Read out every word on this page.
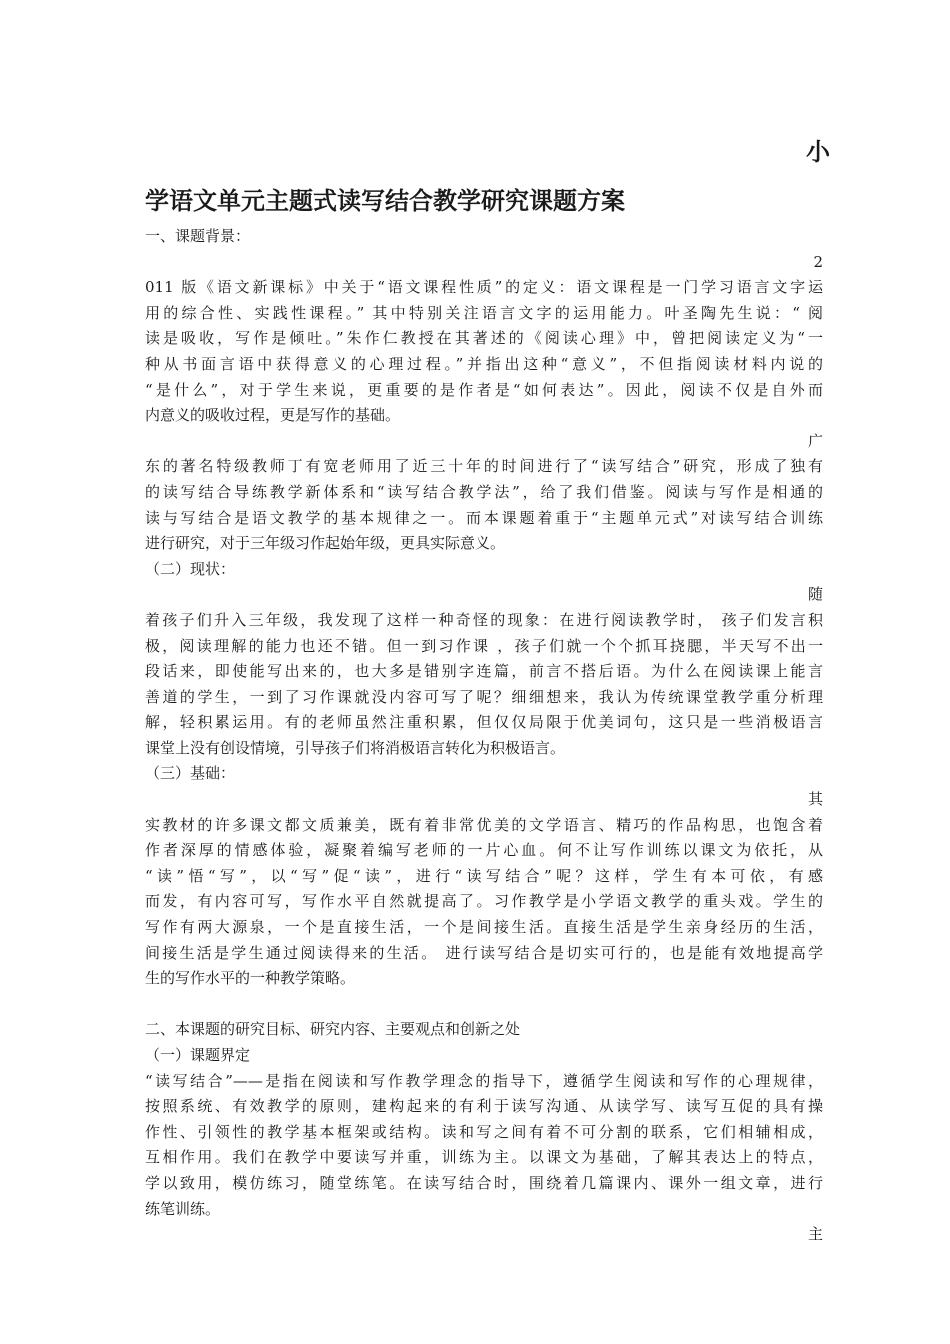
小
学语文单元主题式读写结合教学研究课题方案
一、课题背景：
2
011 版《语文新课标》中关于“语文课程性质”的定义：语文课程是一门学习语言文字运
用的综合性、实践性课程。” 其中特别关注语言文字的运用能力。叶圣陶先生说：“ 阅
读是吸收，写作是倾吐。”朱作仁教授在其著述的《阅读心理》中，曾把阅读定义为“一
种从书面言语中获得意义的心理过程。”并指出这种“意义”，不但指阅读材料内说的
“是什么”，对于学生来说，更重要的是作者是“如何表达”。因此，阅读不仅是自外而
内意义的吸收过程，更是写作的基础。
广
东的著名特级教师丁有宽老师用了近三十年的时间进行了“读写结合”研究，形成了独有
的读写结合导练教学新体系和“读写结合教学法”，给了我们借鉴。阅读与写作是相通的
读与写结合是语文教学的基本规律之一。而本课题着重于“主题单元式”对读写结合训练
进行研究，对于三年级习作起始年级，更具实际意义。
（二）现状：
随
着孩子们升入三年级，我发现了这样一种奇怪的现象：在进行阅读教学时， 孩子们发言积
极，阅读理解的能力也还不错。但一到习作课 ，孩子们就一个个抓耳挠腮，半天写不出一
段话来，即使能写出来的，也大多是错别字连篇，前言不搭后语。为什么在阅读课上能言
善道的学生，一到了习作课就没内容可写了呢？细细想来，我认为传统课堂教学重分析理
解，轻积累运用。有的老师虽然注重积累，但仅仅局限于优美词句，这只是一些消极语言
课堂上没有创设情境，引导孩子们将消极语言转化为积极语言。
（三）基础：
其
实教材的许多课文都文质兼美，既有着非常优美的文学语言、精巧的作品构思，也饱含着
作者深厚的情感体验，凝聚着编写老师的一片心血。何不让写作训练以课文为依托，从
“读”悟“写”，以“写”促“读”，进行“读写结合”呢？这样，学生有本可依，有感
而发，有内容可写，写作水平自然就提高了。习作教学是小学语文教学的重头戏。学生的
写作有两大源泉，一个是直接生活，一个是间接生活。直接生活是学生亲身经历的生活，
间接生活是学生通过阅读得来的生活。 进行读写结合是切实可行的，也是能有效地提高学
生的写作水平的一种教学策略。
二、本课题的研究目标、研究内容、主要观点和创新之处
（一）课题界定
“读写结合”——是指在阅读和写作教学理念的指导下，遵循学生阅读和写作的心理规律，
按照系统、有效教学的原则，建构起来的有利于读写沟通、从读学写、读写互促的具有操
作性、引领性的教学基本框架或结构。读和写之间有着不可分割的联系，它们相辅相成，
互相作用。我们在教学中要读写并重，训练为主。以课文为基础，了解其表达上的特点，
学以致用，模仿练习，随堂练笔。在读写结合时，围绕着几篇课内、课外一组文章，进行
练笔训练。
主
